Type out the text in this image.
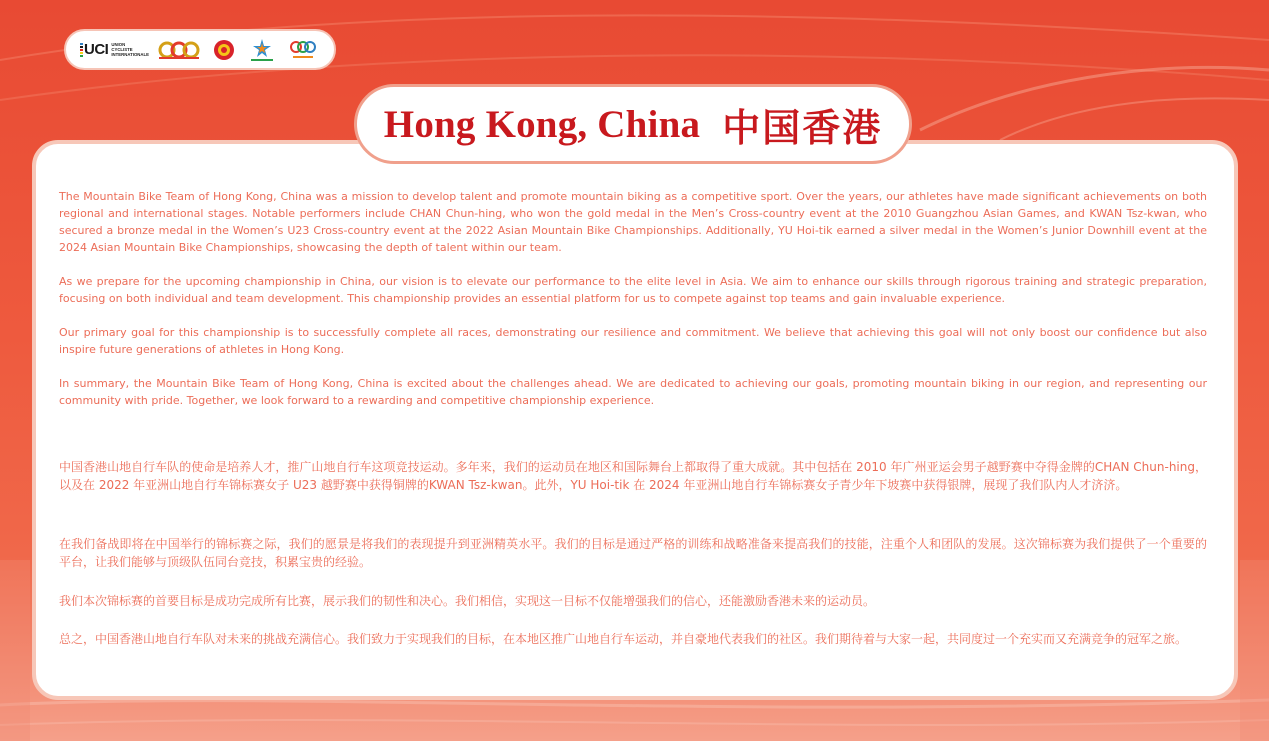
UCI UNION CYCLISTE INTERNATIONALE
Hong Kong, China 中国香港

The Mountain Bike Team of Hong Kong, China was a mission to develop talent and promote mountain biking as a competitive sport. Over the years, our athletes have made significant achievements on both regional and international stages. Notable performers include CHAN Chun-hing, who won the gold medal in the Men’s Cross-country event at the 2010 Guangzhou Asian Games, and KWAN Tsz-kwan, who secured a bronze medal in the Women’s U23 Cross-country event at the 2022 Asian Mountain Bike Championships. Additionally, YU Hoi-tik earned a silver medal in the Women’s Junior Downhill event at the 2024 Asian Mountain Bike Championships, showcasing the depth of talent within our team.

As we prepare for the upcoming championship in China, our vision is to elevate our performance to the elite level in Asia. We aim to enhance our skills through rigorous training and strategic preparation, focusing on both individual and team development. This championship provides an essential platform for us to compete against top teams and gain invaluable experience.

Our primary goal for this championship is to successfully complete all races, demonstrating our resilience and commitment. We believe that achieving this goal will not only boost our confidence but also inspire future generations of athletes in Hong Kong.

In summary, the Mountain Bike Team of Hong Kong, China is excited about the challenges ahead. We are dedicated to achieving our goals, promoting mountain biking in our region, and representing our community with pride. Together, we look forward to a rewarding and competitive championship experience.

中国香港山地自行车队的使命是培养人才，推广山地自行车这项竞技运动。多年来，我们的运动员在地区和国际舞台上都取得了重大成就。其中包括在 2010 年广州亚运会男子越野赛中夺得金牌的CHAN Chun-hing，以及在 2022 年亚洲山地自行车锦标赛女子 U23 越野赛中获得铜牌的KWAN Tsz-kwan。此外，YU Hoi-tik 在 2024 年亚洲山地自行车锦标赛女子青少年下坡赛中获得银牌，展现了我们队内人才济济。

在我们备战即将在中国举行的锦标赛之际，我们的愿景是将我们的表现提升到亚洲精英水平。我们的目标是通过严格的训练和战略准备来提高我们的技能，注重个人和团队的发展。这次锦标赛为我们提供了一个重要的平台，让我们能够与顶级队伍同台竞技，积累宝贵的经验。

我们本次锦标赛的首要目标是成功完成所有比赛，展示我们的韧性和决心。我们相信，实现这一目标不仅能增强我们的信心，还能激励香港未来的运动员。

总之，中国香港山地自行车队对未来的挑战充满信心。我们致力于实现我们的目标，在本地区推广山地自行车运动，并自豪地代表我们的社区。我们期待着与大家一起，共同度过一个充实而又充满竞争的冠军之旅。
